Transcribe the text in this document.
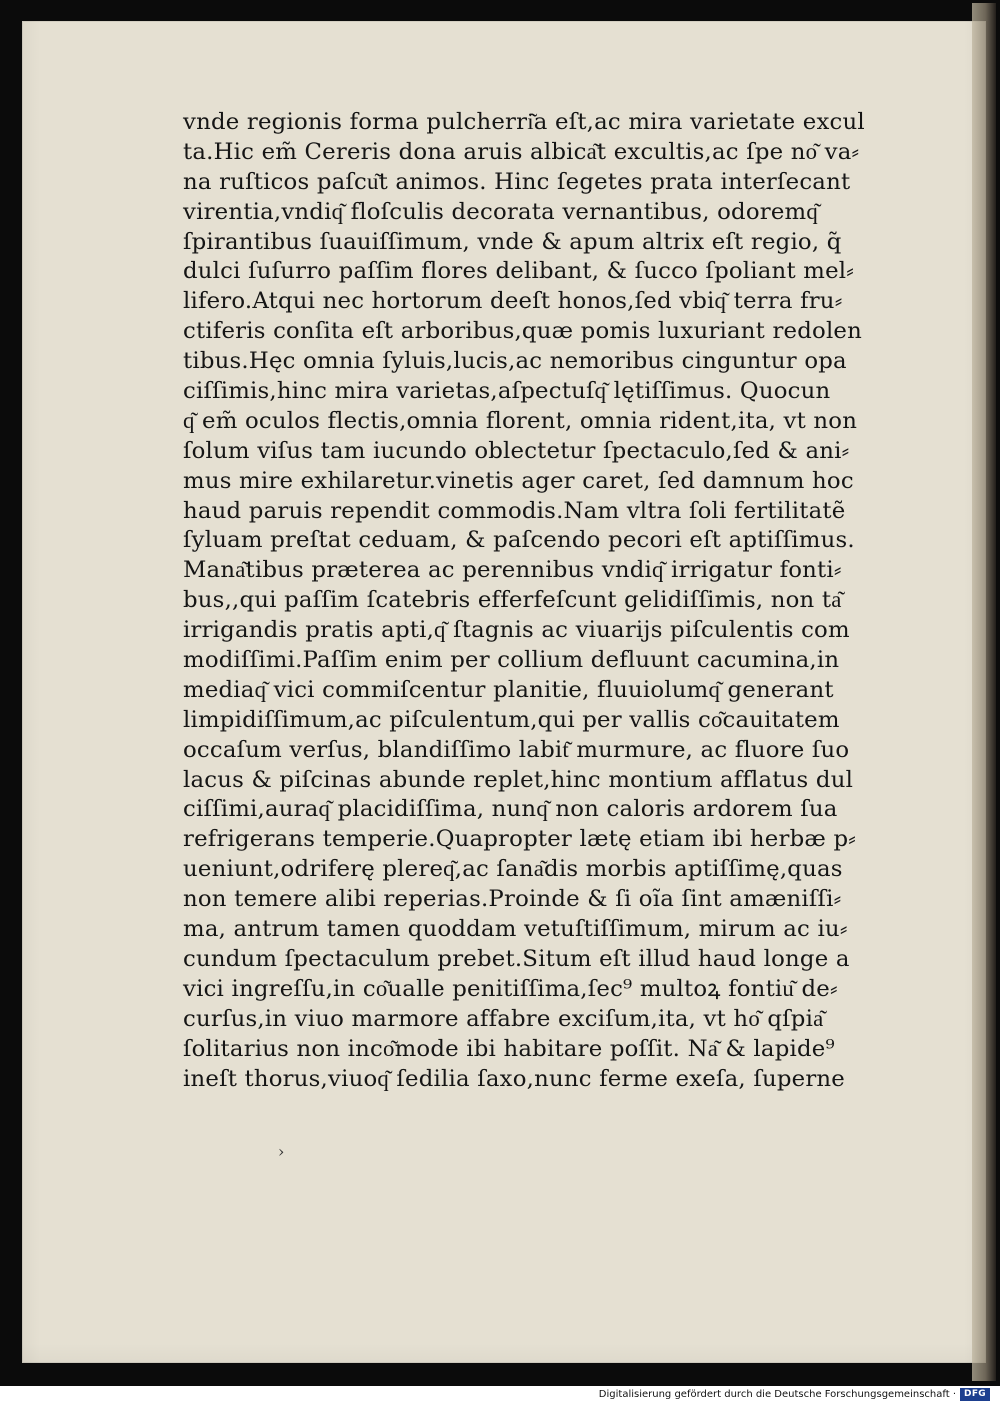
vnde regionis forma pulcherri͂a eſt,ac mira varietate excul
ta.Hic em̃ Cereris dona aruis albica͂t excultis,ac ſpe no͂ va⸗
na ruſticos paſcu͂t animos. Hinc ſegetes prata interſecant
virentia,vndiq͂ floſculis decorata vernantibus, odoremq͂
ſpirantibus ſuauiſſimum, vnde & apum altrix eſt regio, q̃
dulci ſuſurro paſſim flores delibant, & ſucco ſpoliant mel⸗
lifero.Atqui nec hortorum deeſt honos,ſed vbiq͂ terra fru⸗
ctiferis conſita eſt arboribus,quæ pomis luxuriant redolen
tibus.Hęc omnia ſyluis,lucis,ac nemoribus cinguntur opa
ciſſimis,hinc mira varietas,aſpectuſq͂ lętiſſimus. Quocun
q͂ em̃ oculos flectis,omnia florent, omnia rident,ita, vt non
ſolum viſus tam iucundo oblectetur ſpectaculo,ſed & ani⸗
mus mire exhilaretur.vinetis ager caret, ſed damnum hoc
haud paruis rependit commodis.Nam vltra ſoli fertilitatẽ
ſyluam preſtat ceduam, & paſcendo pecori eſt aptiſſimus.
Mana͂tibus præterea ac perennibus vndiq͂ irrigatur fonti⸗
bus,,qui paſſim ſcatebris efferfeſcunt gelidiſſimis, non ta͂
irrigandis pratis apti,q͂ ſtagnis ac viuarijs piſculentis com
modiſſimi.Paſſim enim per collium defluunt cacumina,in
mediaq͂ vici commiſcentur planitie, fluuiolumq͂ generant
limpidiſſimum,ac piſculentum,qui per vallis co͂cauitatem
occaſum verſus, blandiſſimo labit͂ murmure, ac fluore ſuo
lacus & piſcinas abunde replet,hinc montium afflatus dul
ciſſimi,auraq͂ placidiſſima, nunq͂ non caloris ardorem ſua
refrigerans temperie.Quapropter lætę etiam ibi herbæ p⸗
ueniunt,odriferę plereq͂,ac ſana͂dis morbis aptiſſimę,quas
non temere alibi reperias.Proinde & ſi oĩa ſint amæniſſi⸗
ma, antrum tamen quoddam vetuſtiſſimum, mirum ac iu⸗
cundum ſpectaculum prebet.Situm eſt illud haud longe a
vici ingreſſu,in co͂ualle penitiſſima,ſec⁹ multoꝝ fontiu͂ de⸗
curſus,in viuo marmore affabre exciſum,ita, vt ho͂ qſpia͂
ſolitarius non inco͂mode ibi habitare poſſit. Na͂ & lapide⁹
ineſt thorus,viuoq͂ ſedilia ſaxo,nunc ferme exeſa, ſuperne
›
Digitalisierung gefördert durch die Deutsche Forschungsgemeinschaft · DFG
